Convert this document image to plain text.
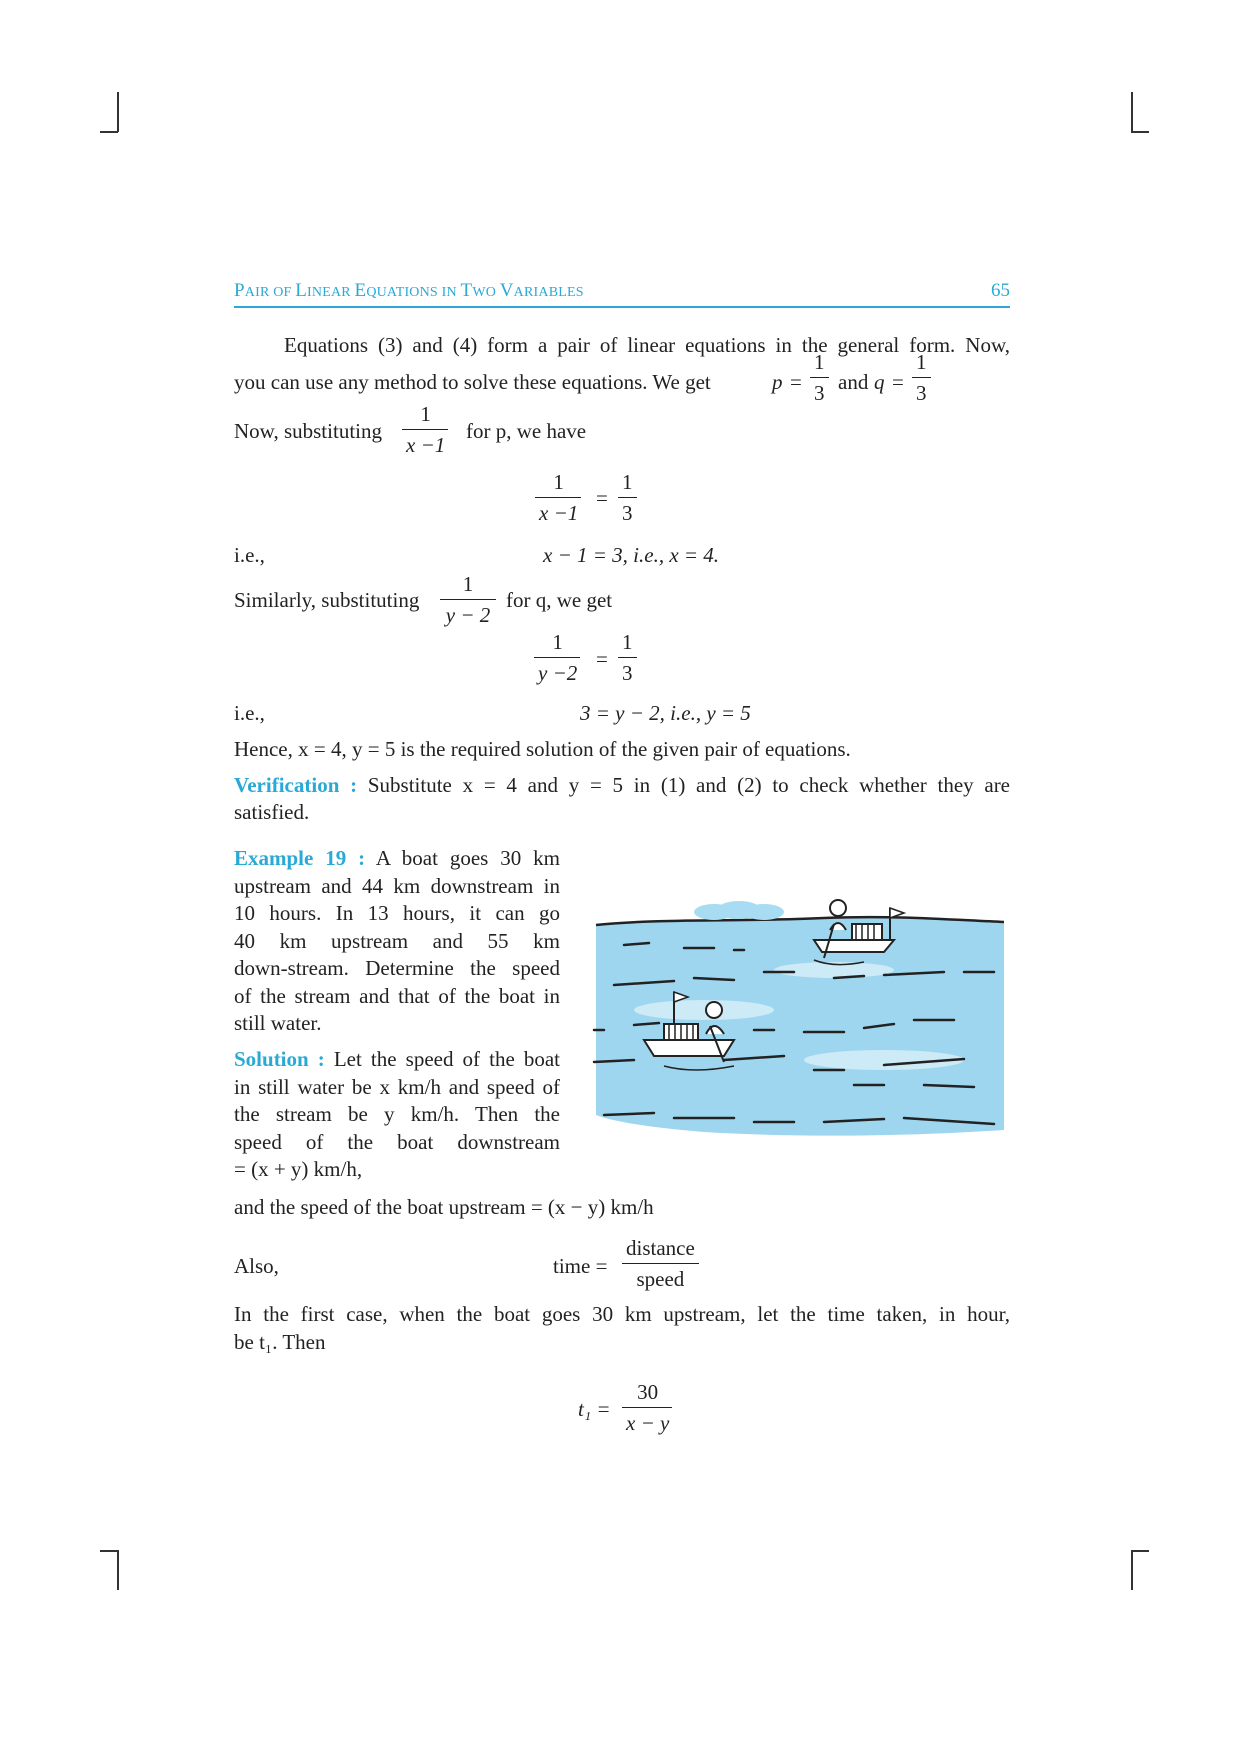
PAIR OF LINEAR EQUATIONS IN TWO VARIABLES	65
Equations (3) and (4) form a pair of linear equations in the general form. Now,
you can use any method to solve these equations. We get	p =
1
3 and q =
1
3
Now, substituting
1
x −1
for p, we have
1
x −1
=
1
3
i.e.,	x − 1 = 3, i.e., x = 4.
Similarly, substituting
1
y − 2
for q, we get
1
y −2
=
1
3
i.e.,	3 = y − 2, i.e., y = 5
Hence, x = 4, y = 5 is the required solution of the given pair of equations.
Verification : Substitute x = 4 and y = 5 in (1) and (2) to check whether they are
satisfied.
Example 19 : A boat goes 30 km
upstream and 44 km downstream in
10 hours. In 13 hours, it can go
40 km upstream and 55 km
down-stream. Determine the speed
of the stream and that of the boat in
still water.
Solution : Let the speed of the boat
in still water be x km/h and speed of
the stream be y km/h. Then the
speed of the boat downstream
= (x + y) km/h,
and the speed of the boat upstream = (x − y) km/h
Also,	time =
distance
speed
In the first case, when the boat goes 30 km upstream, let the time taken, in hour,
be t₁. Then
t₁ =
30
x − y
